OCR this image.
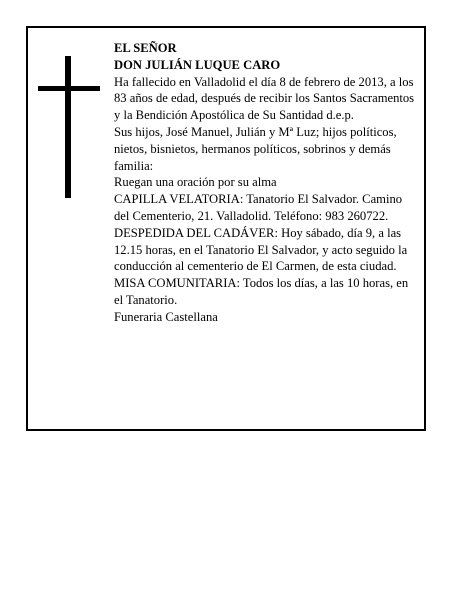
EL SEÑOR

DON JULIÁN LUQUE CARO

Ha fallecido en Valladolid el día 8 de febrero de 2013, a los 83 años de edad, después de recibir los Santos Sacramentos y la Bendición Apostólica de Su Santidad d.e.p.

Sus hijos, José Manuel, Julián y Mª Luz; hijos políticos, nietos, bisnietos, hermanos políticos, sobrinos y demás familia:

Ruegan una oración por su alma

CAPILLA VELATORIA: Tanatorio El Salvador. Camino del Cementerio, 21. Valladolid. Teléfono: 983 260722.

DESPEDIDA DEL CADÁVER: Hoy sábado, día 9, a las 12.15 horas, en el Tanatorio El Salvador, y acto seguido la conducción al cementerio de El Carmen, de esta ciudad.

MISA COMUNITARIA: Todos los días, a las 10 horas, en el Tanatorio.

Funeraria Castellana
